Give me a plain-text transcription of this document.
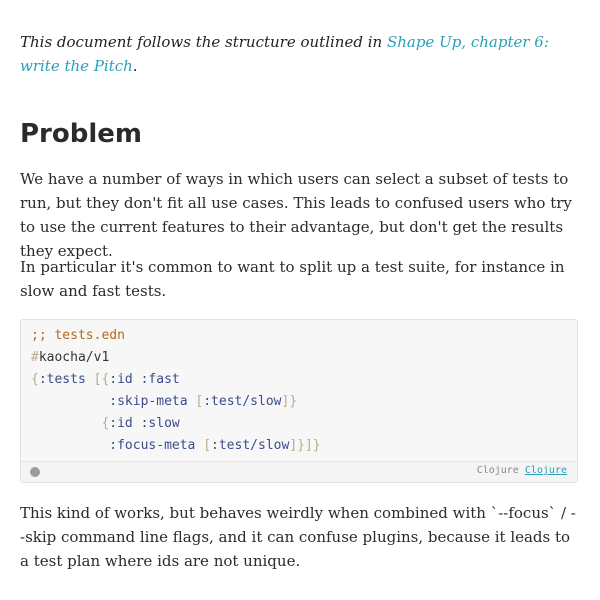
This document follows the structure outlined in Shape Up, chapter 6: write the Pitch.

Problem

We have a number of ways in which users can select a subset of tests to run, but they don't fit all use cases. This leads to confused users who try to use the current features to their advantage, but don't get the results they expect.

In particular it's common to want to split up a test suite, for instance in slow and fast tests.

;; tests.edn
#kaocha/v1
{:tests [{:id :fast
:skip-meta [:test/slow]}
{:id :slow
:focus-meta [:test/slow]}]}
Clojure Clojure

This kind of works, but behaves weirdly when combined with `--focus` / --skip command line flags, and it can confuse plugins, because it leads to a test plan where ids are not unique.
